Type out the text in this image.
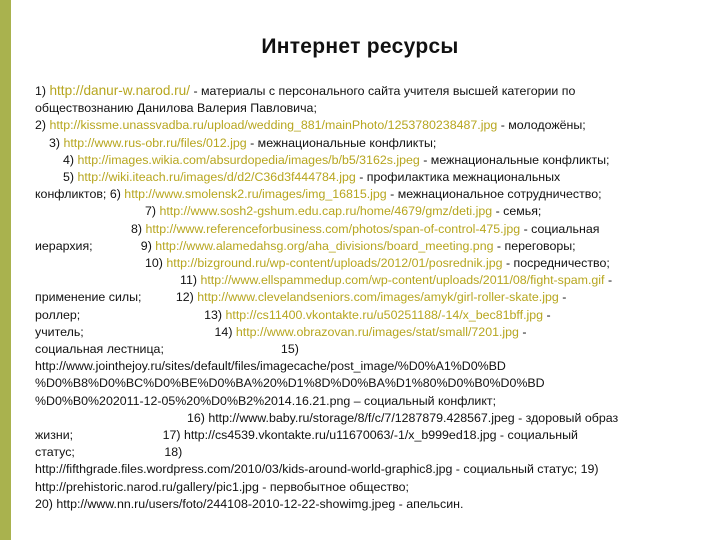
Интернет ресурсы
1) http://danur-w.narod.ru/ - материалы с персонального сайта учителя высшей категории по
обществознанию Данилова Валерия Павловича;
2) http://kissme.unassvadba.ru/upload/wedding_881/mainPhoto/1253780238487.jpg - молодожёны;
3) http://www.rus-obr.ru/files/012.jpg - межнациональные конфликты;
4) http://images.wikia.com/absurdopedia/images/b/b5/3162s.jpeg - межнациональные конфликты;
5) http://wiki.iteach.ru/images/d/d2/C36d3f444784.jpg - профилактика межнациональных
конфликтов; 6) http://www.smolensk2.ru/images/img_16815.jpg - межнациональное сотрудничество;
7) http://www.sosh2-gshum.edu.cap.ru/home/4679/gmz/deti.jpg - семья;
8) http://www.referenceforbusiness.com/photos/span-of-control-475.jpg - социальная
иерархия;              9) http://www.alamedahsg.org/aha_divisions/board_meeting.png - переговоры;
10) http://bizground.ru/wp-content/uploads/2012/01/posrednik.jpg - посредничество;
11) http://www.ellspammedup.com/wp-content/uploads/2011/08/fight-spam.gif -
применение силы;          12) http://www.clevelandseniors.com/images/amyk/girl-roller-skate.jpg -
роллер;                                    13) http://cs11400.vkontakte.ru/u50251188/-14/x_bec81bff.jpg -
учитель;                                      14) http://www.obrazovan.ru/images/stat/small/7201.jpg -
социальная лестница;                                  15)
http://www.jointhejoy.ru/sites/default/files/imagecache/post_image/%D0%A1%D0%BD
%D0%B8%D0%BC%D0%BE%D0%BA%20%D1%8D%D0%BA%D1%80%D0%B0%D0%BD
%D0%B0%202011-12-05%20%D0%B2%2014.16.21.png – социальный конфликт;
16) http://www.baby.ru/storage/8/f/c/7/1287879.428567.jpeg - здоровый образ
жизни;                          17) http://cs4539.vkontakte.ru/u11670063/-1/x_b999ed18.jpg - социальный
статус;                          18)
http://fifthgrade.files.wordpress.com/2010/03/kids-around-world-graphic8.jpg - социальный статус; 19)
http://prehistoric.narod.ru/gallery/pic1.jpg - первобытное общество;
20) http://www.nn.ru/users/foto/244108-2010-12-22-showimg.jpeg - апельсин.
